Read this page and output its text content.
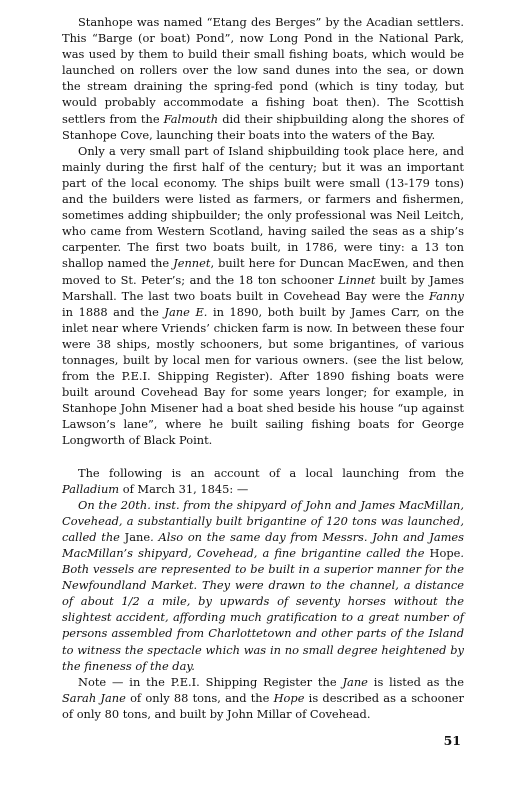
Stanhope was named “Etang des Berges” by the Acadian settlers. This “Barge (or boat) Pond”, now Long Pond in the National Park, was used by them to build their small fishing boats, which would be launched on rollers over the low sand dunes into the sea, or down the stream draining the spring-fed pond (which is tiny today, but would probably accommodate a fishing boat then). The Scottish settlers from the Falmouth did their shipbuilding along the shores of Stanhope Cove, launching their boats into the waters of the Bay.

Only a very small part of Island shipbuilding took place here, and mainly during the first half of the century; but it was an important part of the local economy. The ships built were small (13-179 tons) and the builders were listed as farmers, or farmers and fishermen, sometimes adding shipbuilder; the only professional was Neil Leitch, who came from Western Scotland, having sailed the seas as a ship’s carpenter. The first two boats built, in 1786, were tiny: a 13 ton shallop named the Jennet, built here for Duncan MacEwen, and then moved to St. Peter’s; and the 18 ton schooner Linnet built by James Marshall. The last two boats built in Covehead Bay were the Fanny in 1888 and the Jane E. in 1890, both built by James Carr, on the inlet near where Vriends’ chicken farm is now. In between these four were 38 ships, mostly schooners, but some brigantines, of various tonnages, built by local men for various owners. (see the list below, from the P.E.I. Shipping Register). After 1890 fishing boats were built around Covehead Bay for some years longer; for example, in Stanhope John Misener had a boat shed beside his house “up against Lawson’s lane”, where he built sailing fishing boats for George Longworth of Black Point.

The following is an account of a local launching from the Palladium of March 31, 1845: —

On the 20th. inst. from the shipyard of John and James MacMillan, Covehead, a substantially built brigantine of 120 tons was launched, called the Jane. Also on the same day from Messrs. John and James MacMillan’s shipyard, Covehead, a fine brigantine called the Hope. Both vessels are represented to be built in a superior manner for the Newfoundland Market. They were drawn to the channel, a distance of about 1/2 a mile, by upwards of seventy horses without the slightest accident, affording much gratification to a great number of persons assembled from Charlottetown and other parts of the Island to witness the spectacle which was in no small degree heightened by the fineness of the day.

Note — in the P.E.I. Shipping Register the Jane is listed as the Sarah Jane of only 88 tons, and the Hope is described as a schooner of only 80 tons, and built by John Millar of Covehead.

51
